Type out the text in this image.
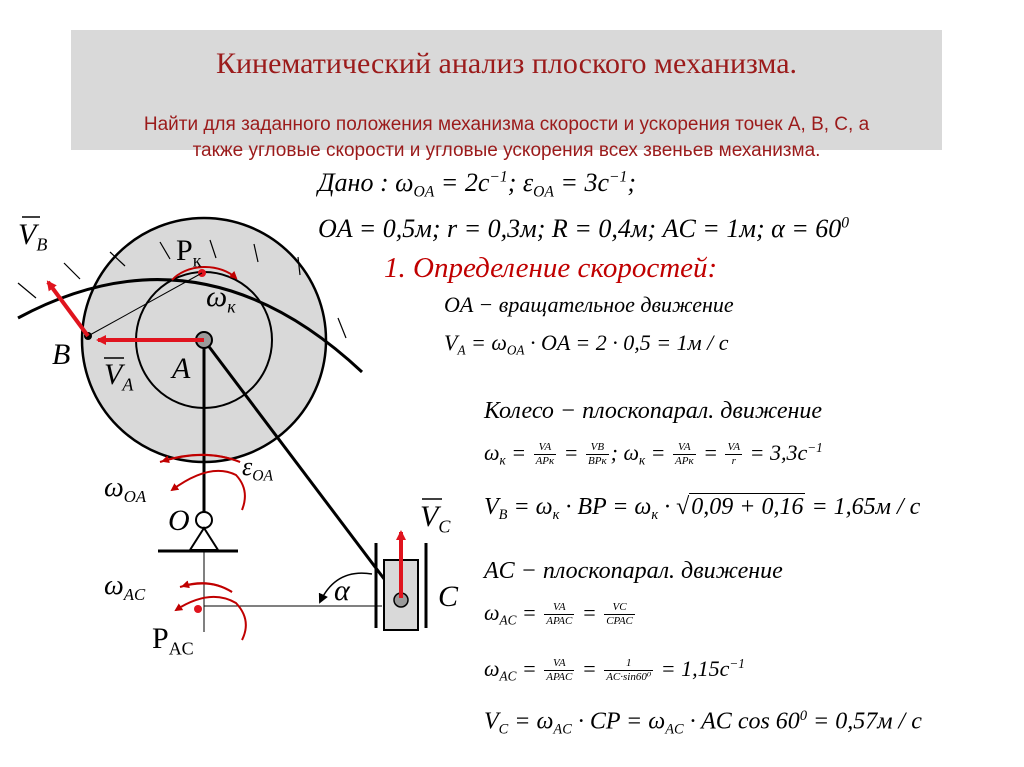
Кинематический анализ плоского механизма.
Найти для заданного положения механизма скорости и ускорения точек A, B, C, а
также угловые скорости и угловые ускорения всех звеньев механизма.
$V_B$	$P_к$
$\omega_к$
B	A
$V_A$
$\varepsilon_{OA}$
$\omega_{OA}$
O	$V_C$
α	C
$\omega_{AC}$
$P_{AC}$
Дано : $\omega_{OA} = 2c^{-1}$; $\varepsilon_{OA} = 3c^{-1}$;
OA = 0,5м; r = 0,3м; R = 0,4м; AC = 1м; $\alpha = 60^0$
1. Определение скоростей:
OA − вращательное движение
$V_A = \omega_{OA}$ · OA = 2 · 0,5 = 1м / c
Колесо − плоскопарал. движение
$\omega_к = \frac{VA}{\text{APк}} = \frac{VB}{\text{BPк}}$ ; $\omega_к = \frac{VA}{\text{APк}} = \frac{VA}{r} = 3,3c^{-1}$
$V_B = \omega_к$ · BP = $\omega_к \cdot √0,09 + 0,16 = 1,65м / c$
AC − плоскопарал. движение
$\omega_{AC} = \frac{VA}{\text{APAC}} = \frac{VC}{\text{CPAC}}$
$\omega_{AC} = \frac{VA}{\text{APAC}} = \frac{1}{\text{AC·sin60⁰}} = 1,15c^{-1}$
$V_C = \omega_{AC}$ · CP = $\omega_{AC}$ · AC $\cos 60^0 = 0,57м / c$
